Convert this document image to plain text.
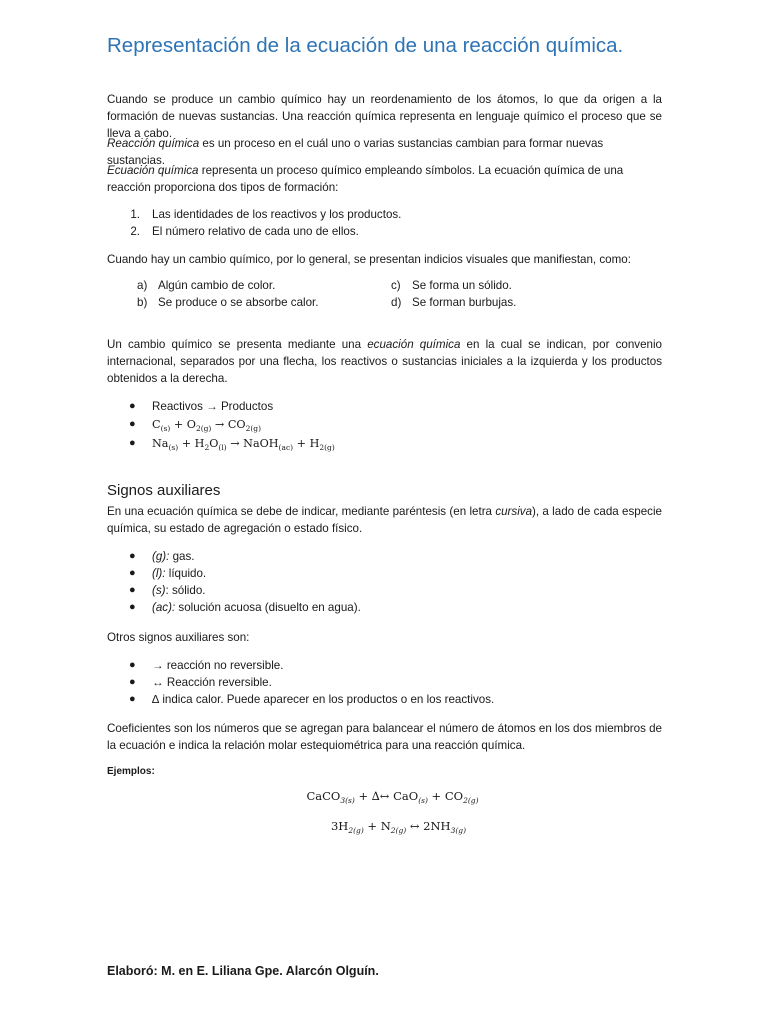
Representación de la ecuación de una reacción química.

Cuando se produce un cambio químico hay un reordenamiento de los átomos, lo que da origen a la formación de nuevas sustancias. Una reacción química representa en lenguaje químico el proceso que se lleva a cabo.

Reacción química es un proceso en el cuál uno o varias sustancias cambian para formar nuevas sustancias.

Ecuación química representa un proceso químico empleando símbolos. La ecuación química de una reacción proporciona dos tipos de formación:

1.	Las identidades de los reactivos y los productos.
2.	El número relativo de cada uno de ellos.

Cuando hay un cambio químico, por lo general, se presentan indicios visuales que manifiestan, como:

a) Algún cambio de color.	c) Se forma un sólido.
b) Se produce o se absorbe calor.	d) Se forman burbujas.

Un cambio químico se presenta mediante una ecuación química en la cual se indican, por convenio internacional, separados por una flecha, los reactivos o sustancias iniciales a la izquierda y los productos obtenidos a la derecha.

●	Reactivos → Productos
●	$C_{(s)} + O_{2(g)} \to CO_{2(g)}$
●	$Na_{(s)} + H_2O_{(l)}$ → NaOH$_{(ac)}$ + $H_{2(g)}$
Signos auxiliares

En una ecuación química se debe de indicar, mediante paréntesis (en letra cursiva), a lado de cada especie química, su estado de agregación o estado físico.

●	(g): gas.
●	(l): líquido.
●	(s): sólido.
●	(ac): solución acuosa (disuelto en agua).

Otros signos auxiliares son:

●	→ reacción no reversible.
●	↔ Reacción reversible.
●	∆ indica calor. Puede aparecer en los productos o en los reactivos.

Coeficientes son los números que se agregan para balancear el número de átomos en los dos miembros de la ecuación e indica la relación molar estequiométrica para una reacción química.

Ejemplos:

CaCO$_{3(s)}$ + ∆↔ $CaO_{(s)} + CO_{2(g)}$
$3H_{2(g)} + N_{2(g)}$ ↔ $2NH_{3(g)}$

Elaboró: M. en E. Liliana Gpe. Alarcón Olguín.
